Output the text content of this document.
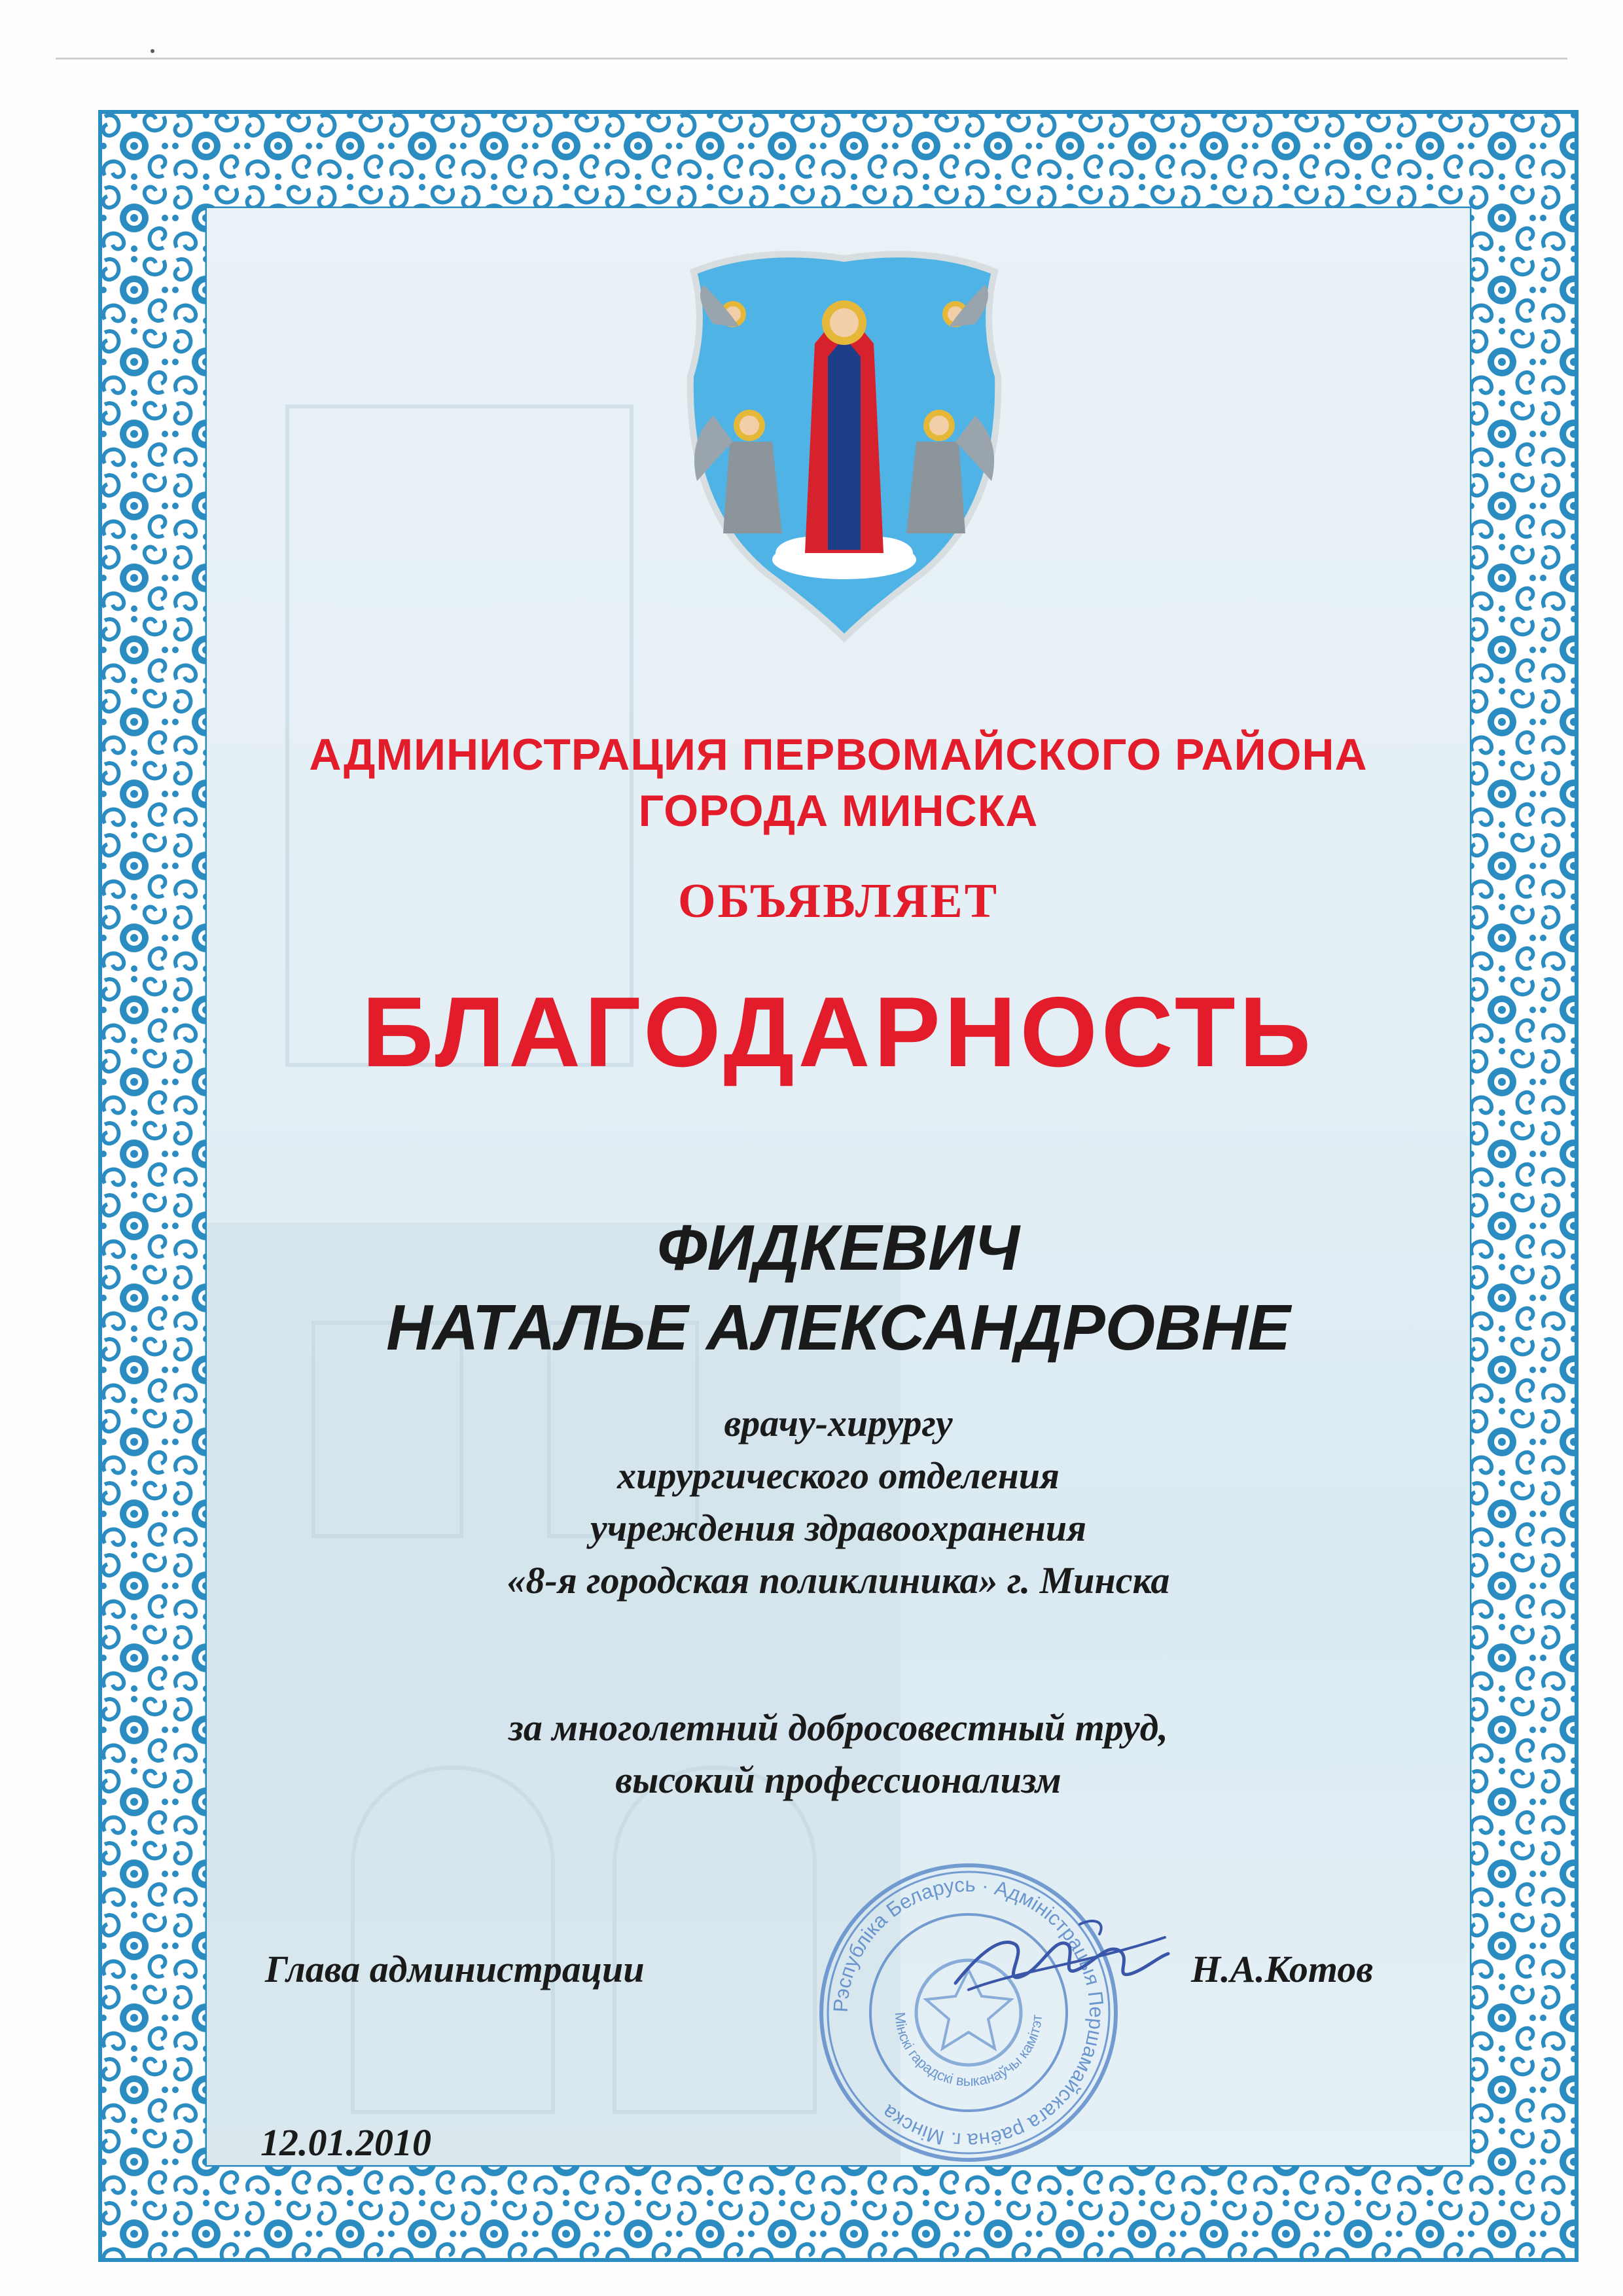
АДМИНИСТРАЦИЯ ПЕРВОМАЙСКОГО РАЙОНА
ГОРОДА МИНСКА
ОБЪЯВЛЯЕТ
БЛАГОДАРНОСТЬ
ФИДКЕВИЧ
НАТАЛЬЕ АЛЕКСАНДРОВНЕ
врачу-хирургу
хирургического отделения
учреждения здравоохранения
«8-я городская поликлиника» г. Минска
за многолетний добросовестный труд,
высокий профессионализм
Рэспубліка Беларусь · Адміністрацыя Першамайскага раёна г. Мінска
Мінскі гарадскі выканаўчы камітэт
Глава администрации	Н.А.Котов
12.01.2010
